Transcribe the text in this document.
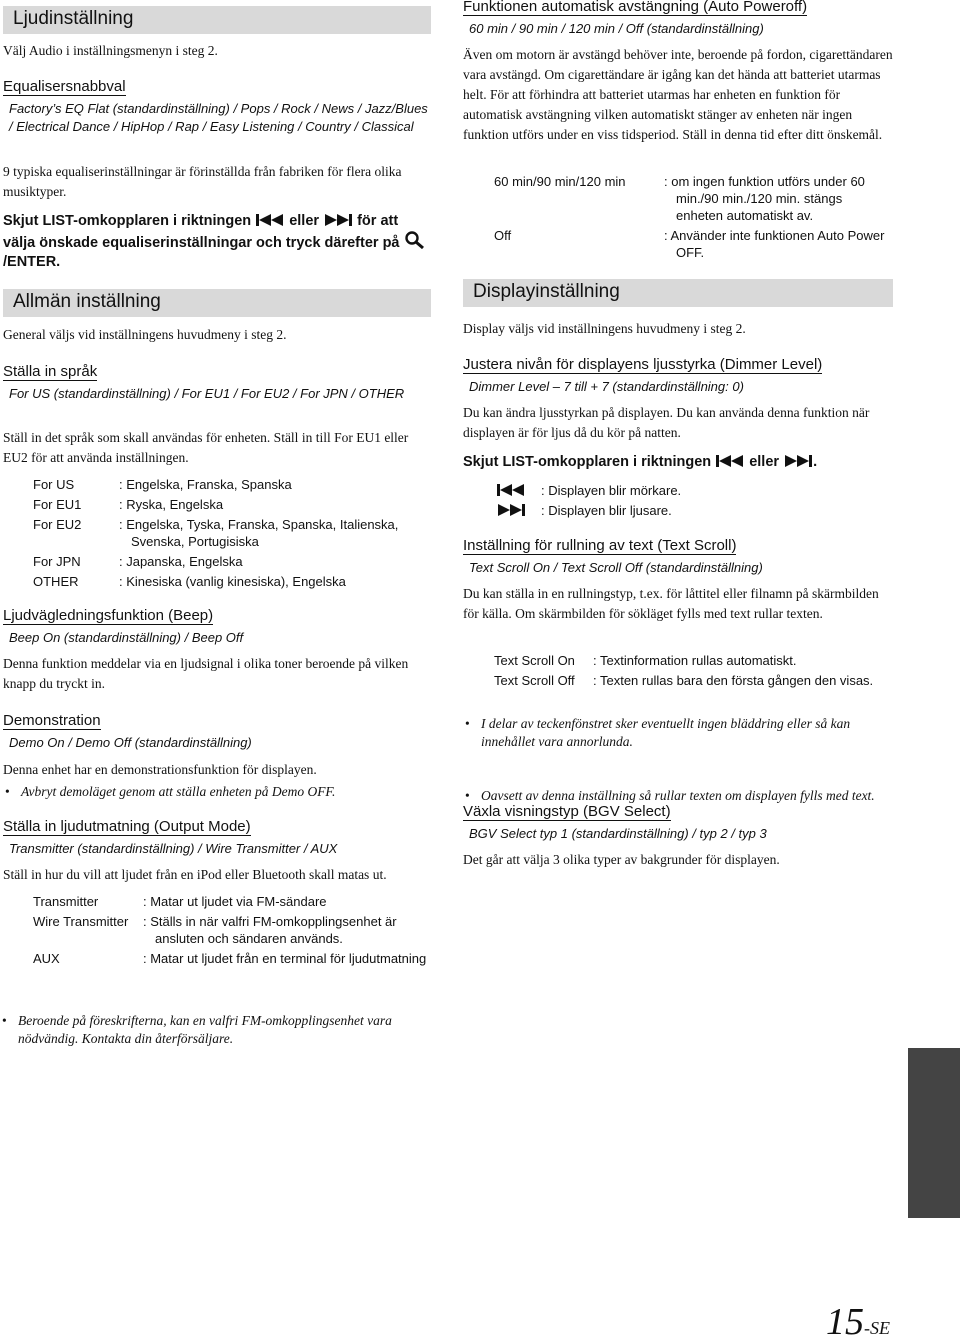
Ljudinställning
Välj Audio i inställningsmenyn i steg 2.
Equalisersnabbval
Factory’s EQ Flat (standardinställning) / Pops / Rock / News / Jazz/Blues / Electrical Dance / HipHop / Rap / Easy Listening / Country / Classical
9 typiska equaliserinställningar är förinställda från fabriken för flera olika musiktyper.
Skjut LIST-omkopplaren i riktningen  eller  för att välja önskade equaliserinställningar och tryck därefter på  /ENTER.
Allmän inställning
General väljs vid inställningens huvudmeny i steg 2.
Ställa in språk
For US (standardinställning) / For EU1 / For EU2 / For JPN / OTHER
Ställ in det språk som skall användas för enheten. Ställ in till For EU1 eller EU2 för att använda inställningen.
For US	: Engelska, Franska, Spanska
For EU1	: Ryska, Engelska
For EU2	: Engelska, Tyska, Franska, Spanska, Italienska, Svenska, Portugisiska
For JPN	: Japanska, Engelska
OTHER	: Kinesiska (vanlig kinesiska), Engelska
Ljudvägledningsfunktion (Beep)
Beep On (standardinställning) / Beep Off
Denna funktion meddelar via en ljudsignal i olika toner beroende på vilken knapp du tryckt in.
Demonstration
Demo On / Demo Off (standardinställning)
Denna enhet har en demonstrationsfunktion för displayen.
• Avbryt demoläget genom att ställa enheten på Demo OFF.
Ställa in ljudutmatning (Output Mode)
Transmitter (standardinställning) / Wire Transmitter / AUX
Ställ in hur du vill att ljudet från en iPod eller Bluetooth skall matas ut.
Transmitter	: Matar ut ljudet via FM-sändare
Wire Transmitter : Ställs in när valfri FM-omkopplingsenhet är ansluten och sändaren används.
AUX	: Matar ut ljudet från en terminal för ljudutmatning
• Beroende på föreskrifterna, kan en valfri FM-omkopplingsenhet vara nödvändig. Kontakta din återförsäljare.
Funktionen automatisk avstängning (Auto Poweroff)
60 min / 90 min / 120 min / Off (standardinställning)
Även om motorn är avstängd behöver inte, beroende på fordon, cigarettändaren vara avstängd. Om cigarettändare är igång kan det hända att batteriet utarmas helt. För att förhindra att batteriet utarmas har enheten en funktion för automatisk avstängning vilken automatiskt stänger av enheten när ingen funktion utförs under en viss tidsperiod. Ställ in denna tid efter ditt önskemål.
60 min/90 min/120 min	: om ingen funktion utförs under 60 min./90 min./120 min. stängs enheten automatiskt av.
Off	: Använder inte funktionen Auto Power OFF.
Displayinställning
Display väljs vid inställningens huvudmeny i steg 2.
Justera nivån för displayens ljusstyrka (Dimmer Level)
Dimmer Level – 7 till + 7 (standardinställning: 0)
Du kan ändra ljusstyrkan på displayen. Du kan använda denna funktion när displayen är för ljus då du kör på natten.
Skjut LIST-omkopplaren i riktningen  eller .
: Displayen blir mörkare.
: Displayen blir ljusare.
Inställning för rullning av text (Text Scroll)
Text Scroll On / Text Scroll Off (standardinställning)
Du kan ställa in en rullningstyp, t.ex. för låttitel eller filnamn på skärmbilden för källa. Om skärmbilden för sökläget fylls med text rullar texten.
Text Scroll On : Textinformation rullas automatiskt.
Text Scroll Off : Texten rullas bara den första gången den visas.
• I delar av teckenfönstret sker eventuellt ingen bläddring eller så kan innehållet vara annorlunda.
• Oavsett av denna inställning så rullar texten om displayen fylls med text.
Växla visningstyp (BGV Select)
BGV Select typ 1 (standardinställning) / typ 2 / typ 3
Det går att välja 3 olika typer av bakgrunder för displayen.
15-SE
